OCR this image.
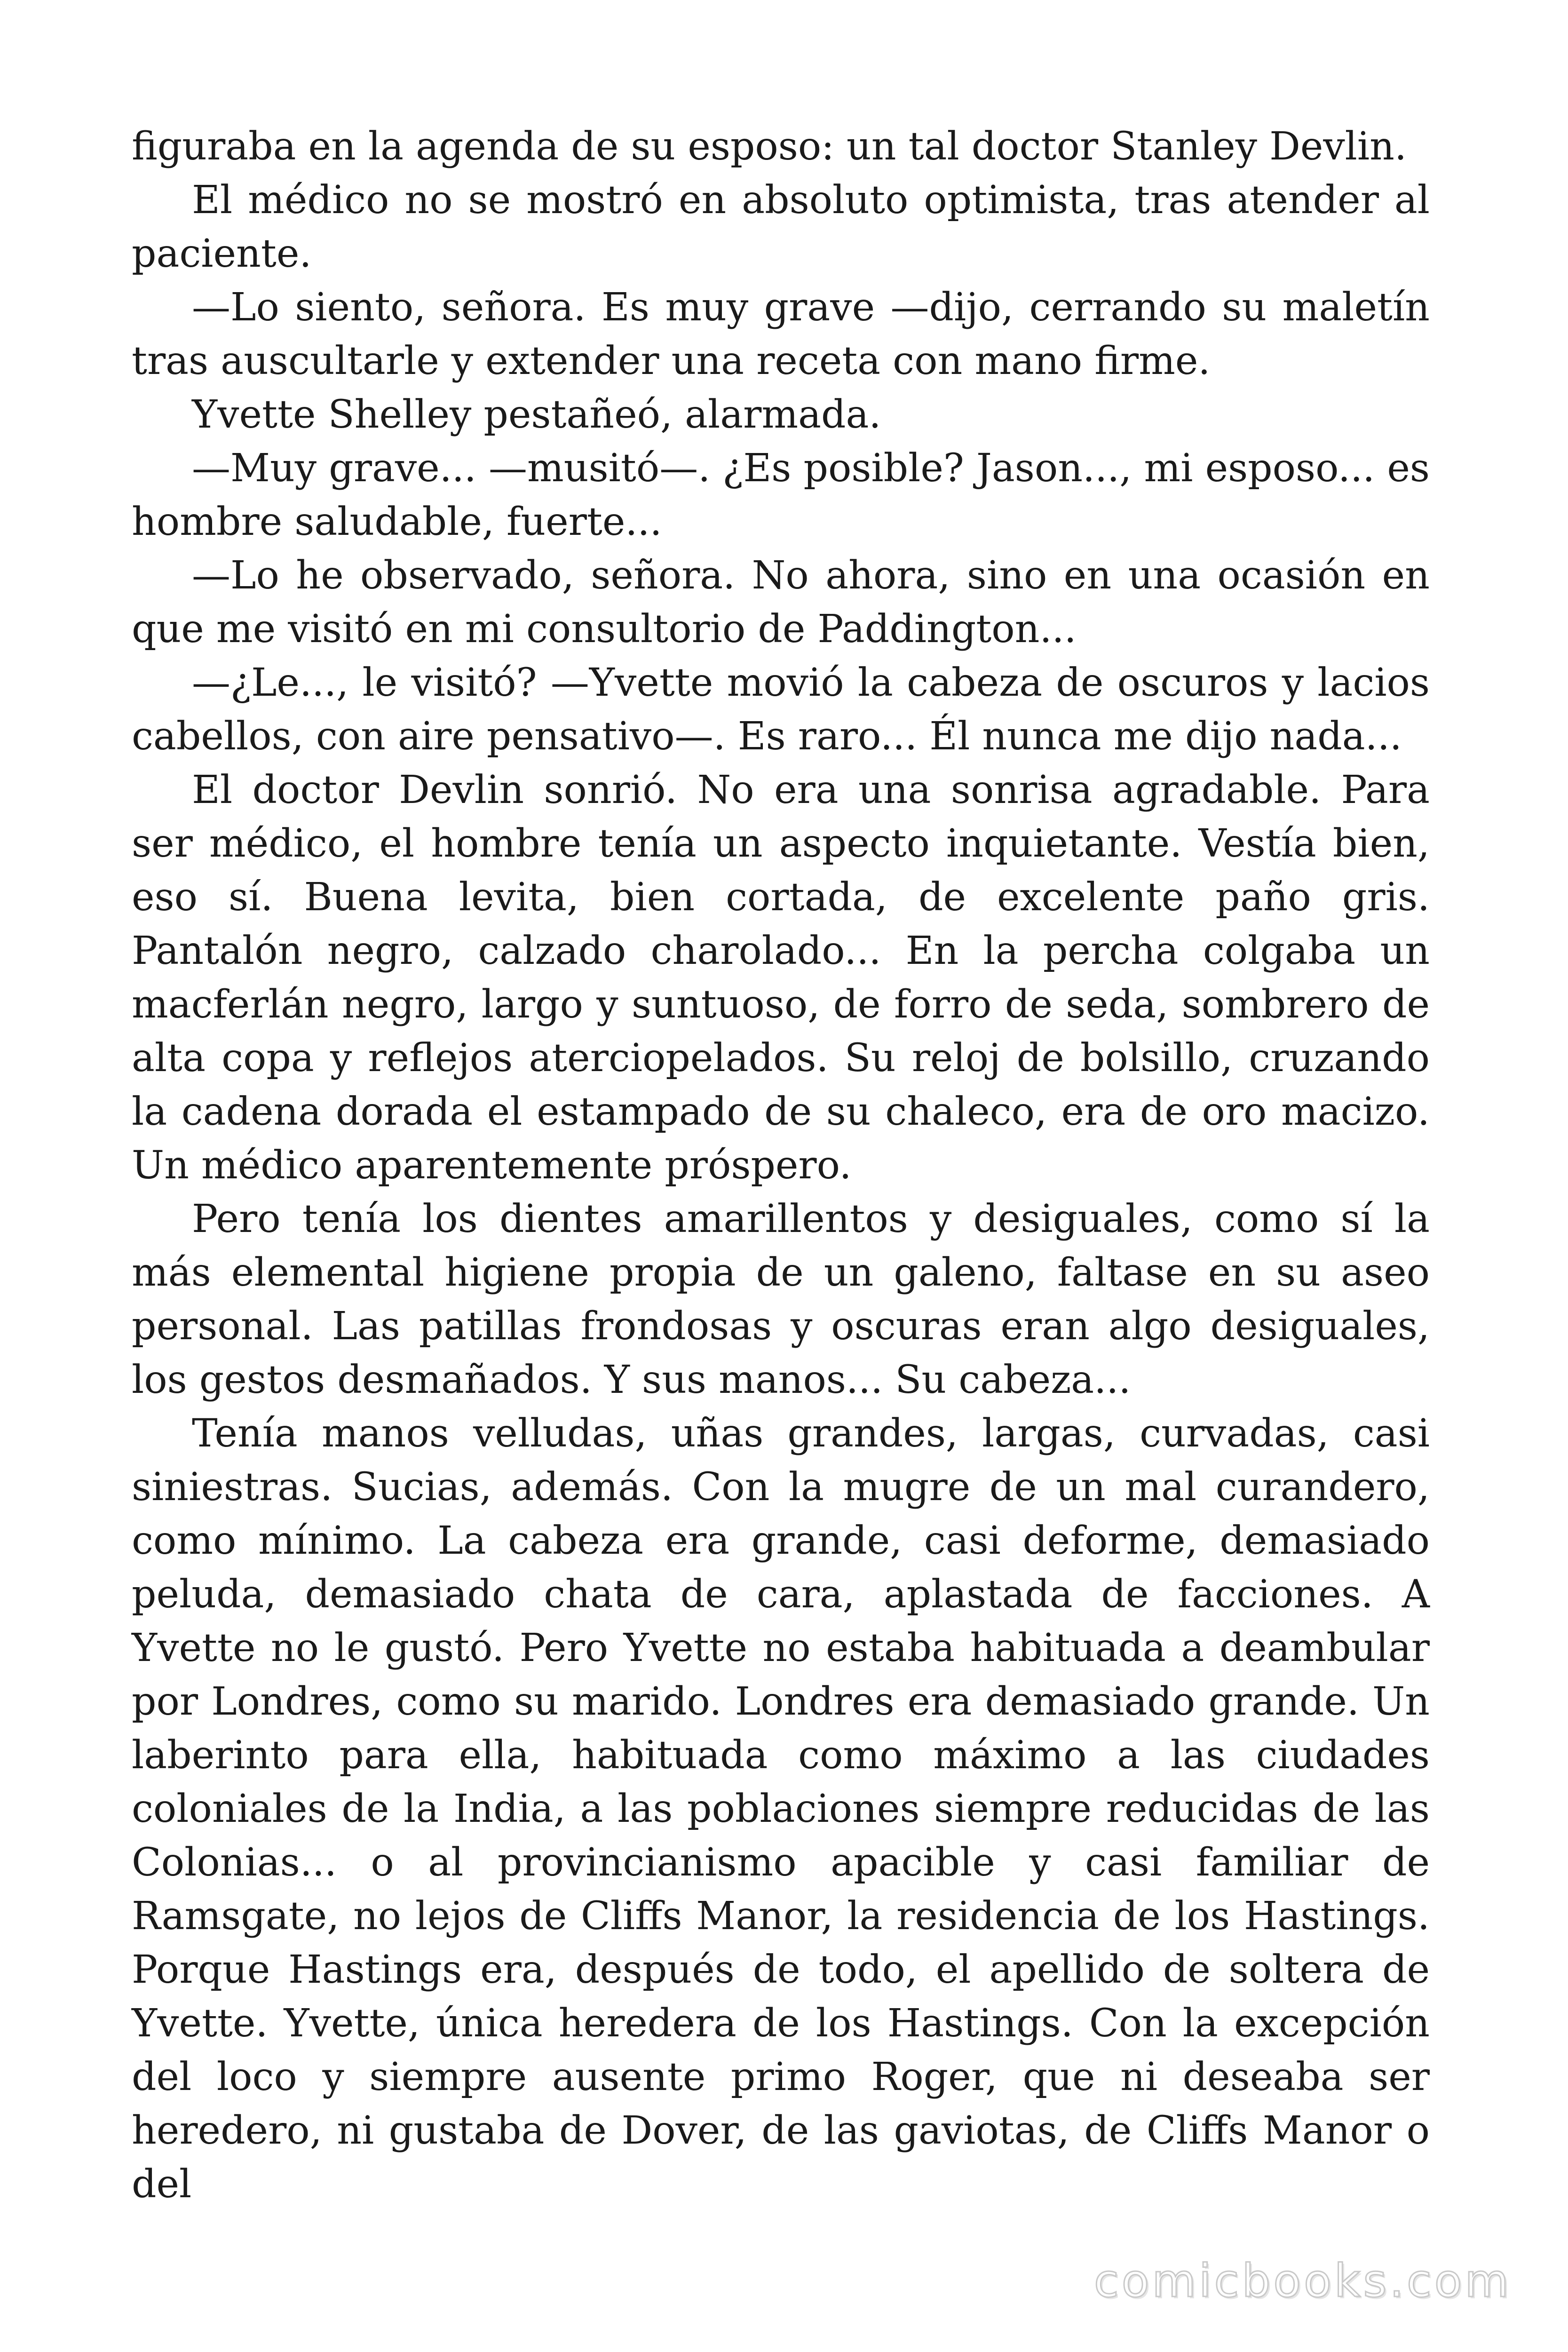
figuraba en la agenda de su esposo: un tal doctor Stanley Devlin.

El médico no se mostró en absoluto optimista, tras atender al paciente.

—Lo siento, señora. Es muy grave —dijo, cerrando su maletín tras auscultarle y extender una receta con mano firme.

Yvette Shelley pestañeó, alarmada.

—Muy grave... —musitó—. ¿Es posible? Jason..., mi esposo... es hombre saludable, fuerte...

—Lo he observado, señora. No ahora, sino en una ocasión en que me visitó en mi consultorio de Paddington...

—¿Le..., le visitó? —Yvette movió la cabeza de oscuros y lacios cabellos, con aire pensativo—. Es raro... Él nunca me dijo nada...

El doctor Devlin sonrió. No era una sonrisa agradable. Para ser médico, el hombre tenía un aspecto inquietante. Vestía bien, eso sí. Buena levita, bien cortada, de excelente paño gris. Pantalón negro, calzado charolado... En la percha colgaba un macferlán negro, largo y suntuoso, de forro de seda, sombrero de alta copa y reflejos aterciopelados. Su reloj de bolsillo, cruzando la cadena dorada el estampado de su chaleco, era de oro macizo. Un médico aparentemente próspero.

Pero tenía los dientes amarillentos y desiguales, como sí la más elemental higiene propia de un galeno, faltase en su aseo personal. Las patillas frondosas y oscuras eran algo desiguales, los gestos desmañados. Y sus manos... Su cabeza...

Tenía manos velludas, uñas grandes, largas, curvadas, casi siniestras. Sucias, además. Con la mugre de un mal curandero, como mínimo. La cabeza era grande, casi deforme, demasiado peluda, demasiado chata de cara, aplastada de facciones. A Yvette no le gustó. Pero Yvette no estaba habituada a deambular por Londres, como su marido. Londres era demasiado grande. Un laberinto para ella, habituada como máximo a las ciudades coloniales de la India, a las poblaciones siempre reducidas de las Colonias... o al provincianismo apacible y casi familiar de Ramsgate, no lejos de Cliffs Manor, la residencia de los Hastings. Porque Hastings era, después de todo, el apellido de soltera de Yvette. Yvette, única heredera de los Hastings. Con la excepción del loco y siempre ausente primo Roger, que ni deseaba ser heredero, ni gustaba de Dover, de las gaviotas, de Cliffs Manor o del

comicbooks.com
